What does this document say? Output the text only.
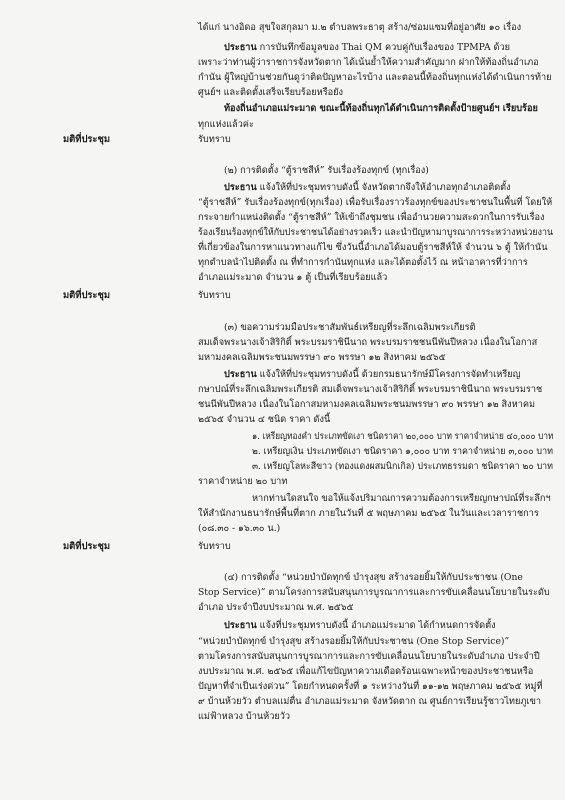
ได้แก่ นางอิดอ สุขใจสกุลมา ม.๒ ตำบลพระธาตุ สร้าง/ซ่อมแซมที่อยู่อาศัย ๑๐ เรื่อง
ประธาน การบันทึกข้อมูลของ Thai QM ควบคู่กับเรื่องของ TPMPA ด้วย
เพราะว่าท่านผู้ว่าราชการจังหวัดตาก ได้เน้นย้ำให้ความสำคัญมาก ฝากให้ท้องถิ่นอำเภอ
กำนัน ผู้ใหญ่บ้านช่วยกันดูว่าติดปัญหาอะไรบ้าง และตอนนี้ท้องถิ่นทุกแห่งได้ดำเนินการท้าย
ศูนย์ฯ และติดตั้งเสร็จเรียบร้อยหรือยัง
ท้องถิ่นอำเภอแม่ระมาด ขณะนี้ท้องถิ่นทุกได้ดำเนินการติดตั้งป้ายศูนย์ฯ เรียบร้อย
ทุกแห่งแล้วค่ะ
มติที่ประชุม	รับทราบ
(๒) การติดตั้ง “ตู้ราชสีห์” รับเรื่องร้องทุกข์ (ทุกเรื่อง)
ประธาน แจ้งให้ที่ประชุมทราบดังนี้ จังหวัดตากจึงให้อำเภอทุกอำเภอติดตั้ง
“ตู้ราชสีห์” รับเรื่องร้องทุกข์(ทุกเรื่อง) เพื่อรับเรื่องราวร้องทุกข์ของประชาชนในพื้นที่ โดยให้
กระจายกำแหน่งติดตั้ง “ตู้ราชสีห์” ให้เข้าถึงชุมชน เพื่ออำนวยความสะดวกในการรับเรื่อง
ร้องเรียนร้องทุกข์ให้กับประชาชนได้อย่างรวดเร็ว และนำปัญหามาบูรณาการระหว่างหน่วยงาน
ที่เกี่ยวข้องในการหาแนวทางแก้ไข ซึ่งวันนี้อำเภอได้มอบตู้ราชสีห์ให้ จำนวน ๖ ตู้ ให้กำนัน
ทุกตำบลนำไปติดตั้ง ณ ที่ทำการกำนันทุกแห่ง และได้ตอตั้งไว้ ณ หน้าอาคารที่ว่าการ
อำเภอแม่ระมาด จำนวน ๑ ตู้ เป็นที่เรียบร้อยแล้ว
มติที่ประชุม	รับทราบ
(๓) ขอความร่วมมือประชาสัมพันธ์เหรียญที่ระลึกเฉลิมพระเกียรติ
สมเด็จพระนางเจ้าสิริกิติ์ พระบรมราชินีนาถ พระบรมราชชนนีพันปีหลวง เนื่องในโอกาส
มหามงคลเฉลิมพระชนมพรรษา ๙๐ พรรษา ๑๒ สิงหาคม ๒๕๖๕
ประธาน แจ้งให้ที่ประชุมทราบดังนี้ ด้วยกรมธนารักษ์มีโครงการจัดทำเหรียญ
กษาปณ์ที่ระลึกเฉลิมพระเกียรติ สมเด็จพระนางเจ้าสิริกิติ์ พระบรมราชินีนาถ พระบรมราช
ชนนีพันปีหลวง เนื่องในโอกาสมหามงคลเฉลิมพระชนมพรรษา ๙๐ พรรษา ๑๒ สิงหาคม
๒๕๖๕ จำนวน ๔ ชนิด ราคา ดังนี้
๑. เหรียญทองคำ ประเภทขัดเงา ชนิดราคา ๒๐,๐๐๐ บาท ราคาจำหน่าย ๔๐,๐๐๐ บาท
๒. เหรียญเงิน ประเภทขัดเงา ชนิดราคา ๑,๐๐๐ บาท ราคาจำหน่าย ๓,๐๐๐ บาท
๓. เหรียญโลหะสีขาว (ทองแดงผสมนิกเกิล) ประเภทธรรมดา ชนิดราคา ๒๐ บาท
ราคาจำหน่าย ๒๐ บาท
หากท่านใดสนใจ ขอให้แจ้งปริมาณการความต้องการเหรียญกษาปณ์ที่ระลึกฯ
ให้สำนักงานธนารักษ์พื้นที่ตาก ภายในวันที่ ๕ พฤษภาคม ๒๕๖๕ ในวันและเวลาราชการ
(๐๘.๓๐ - ๑๖.๓๐ น.)
มติที่ประชุม	รับทราบ
(๔) การติดตั้ง “หน่วยบำบัดทุกข์ บำรุงสุข สร้างรอยยิ้มให้กับประชาชน (One
Stop Service)” ตามโครงการสนับสนุนการบูรณาการและการขับเคลื่อนนโยบายในระดับ
อำเภอ ประจำปีงบประมาณ พ.ศ. ๒๕๖๕
ประธาน แจ้งที่ประชุมทราบดังนี้ อำเภอแม่ระมาด ได้กำหนดการจัดตั้ง
“หน่วยบำบัดทุกข์ บำรุงสุข สร้างรอยยิ้มให้กับประชาชน (One Stop Service)”
ตามโครงการสนับสนุนการบูรณาการและการขับเคลื่อนนโยบายในระดับอำเภอ ประจำปี
งบประมาณ พ.ศ. ๒๕๖๕ เพื่อแก้ไขปัญหาความเดือดร้อนเฉพาะหน้าของประชาชนหรือ
ปัญหาที่จำเป็นเร่งด่วน” โดยกำหนดครั้งที่ ๑ ระหว่างวันที่ ๑๑-๑๒ พฤษภาคม ๒๕๖๕ หมู่ที่
๙ บ้านห้วยวัว ตำบลแม่ตื่น อำเภอแม่ระมาด จังหวัดตาก ณ ศูนย์การเรียนรู้ชาวไทยภูเขา
แม่ฟ้าหลวง บ้านห้วยวัว
